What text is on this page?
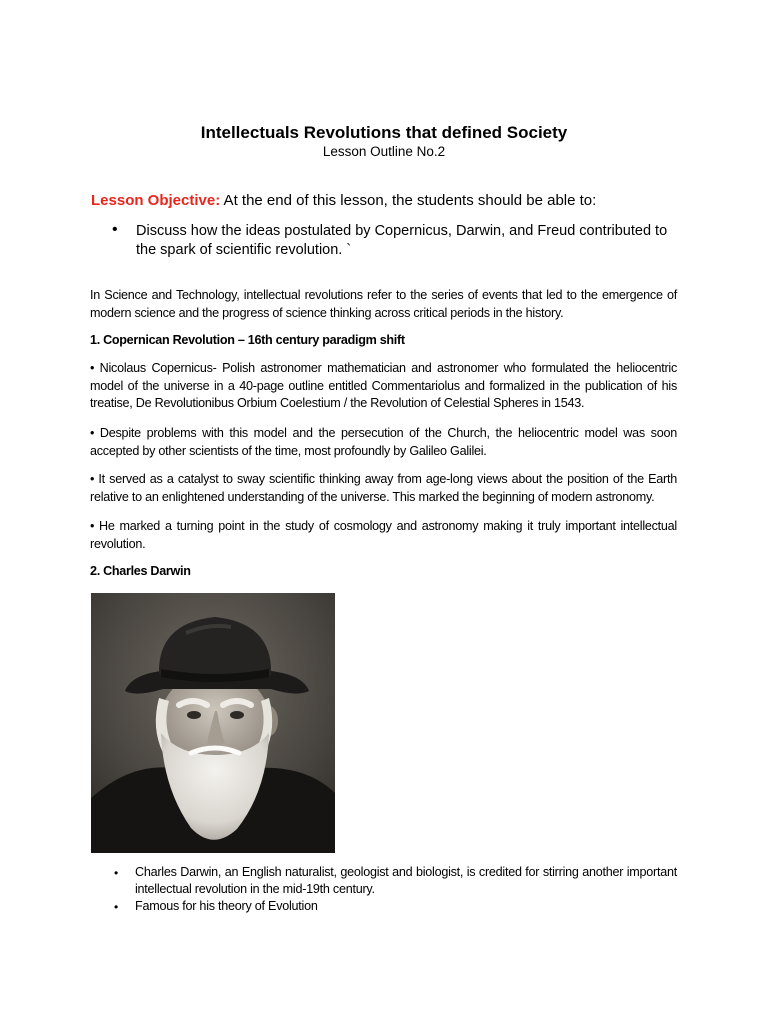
Intellectuals Revolutions that defined Society
Lesson Outline No.2
Lesson Objective: At the end of this lesson, the students should be able to:
• Discuss how the ideas postulated by Copernicus, Darwin, and Freud contributed to the spark of scientific revolution. `
In Science and Technology, intellectual revolutions refer to the series of events that led to the emergence of modern science and the progress of science thinking across critical periods in the history.
1. Copernican Revolution – 16th century paradigm shift
• Nicolaus Copernicus- Polish astronomer mathematician and astronomer who formulated the heliocentric model of the universe in a 40-page outline entitled Commentariolus and formalized in the publication of his treatise, De Revolutionibus Orbium Coelestium / the Revolution of Celestial Spheres in 1543.
• Despite problems with this model and the persecution of the Church, the heliocentric model was soon accepted by other scientists of the time, most profoundly by Galileo Galilei.
• It served as a catalyst to sway scientific thinking away from age-long views about the position of the Earth relative to an enlightened understanding of the universe. This marked the beginning of modern astronomy.
• He marked a turning point in the study of cosmology and astronomy making it truly important intellectual revolution.
2. Charles Darwin
• Charles Darwin, an English naturalist, geologist and biologist, is credited for stirring another important intellectual revolution in the mid-19th century.
• Famous for his theory of Evolution
